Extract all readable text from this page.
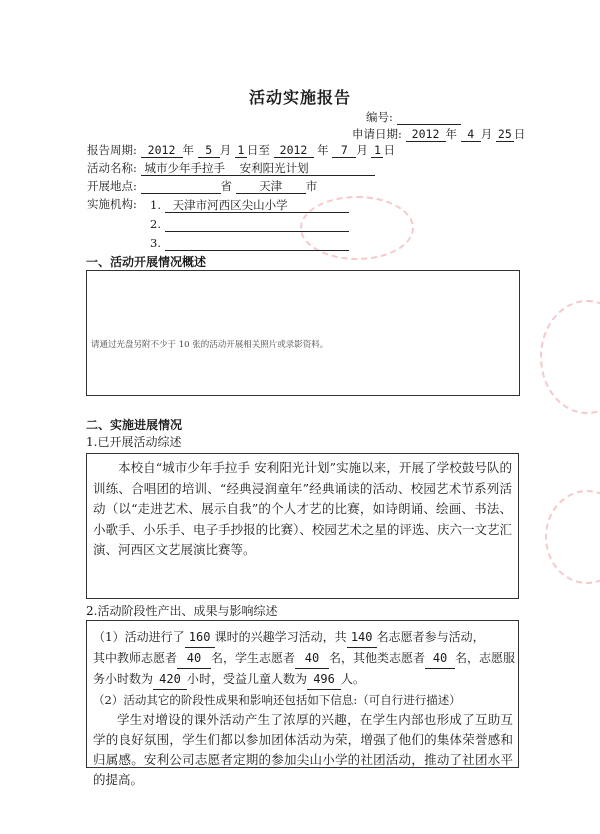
活动实施报告
编号:
申请日期: 2012 年 4 月 25 日
报告周期: 2012 年 5 月 1 日至 2012 年 7 月 1 日
活动名称: 城市少年手拉手    安利阳光计划
开展地点:	省 天津 市
实施机构: 1. 天津市河西区尖山小学
2.
3.
一、活动开展情况概述
请通过光盘另附不少于 10 张的活动开展相关照片或录影资料。
二、实施进展情况
1.已开展活动综述
本校自“城市少年手拉手 安利阳光计划”实施以来，开展了学校鼓号队的训练、合唱团的培训、“经典浸润童年”经典诵读的活动、校园艺术节系列活动（以“走进艺术、展示自我”的个人才艺的比赛，如诗朗诵、绘画、书法、小歌手、小乐手、电子手抄报的比赛）、校园艺术之星的评选、庆六一文艺汇演、河西区文艺展演比赛等。
2.活动阶段性产出、成果与影响综述
（1）活动进行了 160 课时的兴趣学习活动，共 140 名志愿者参与活动，
其中教师志愿者 40 名，学生志愿者 40 名，其他类志愿者 40 名，志愿服
务小时数为 420 小时，受益儿童人数为 496 人。
（2）活动其它的阶段性成果和影响还包括如下信息:（可自行进行描述）
学生对增设的课外活动产生了浓厚的兴趣，在学生内部也形成了互助互学的良好氛围，学生们都以参加团体活动为荣，增强了他们的集体荣誉感和归属感。安利公司志愿者定期的参加尖山小学的社团活动，推动了社团水平的提高。
